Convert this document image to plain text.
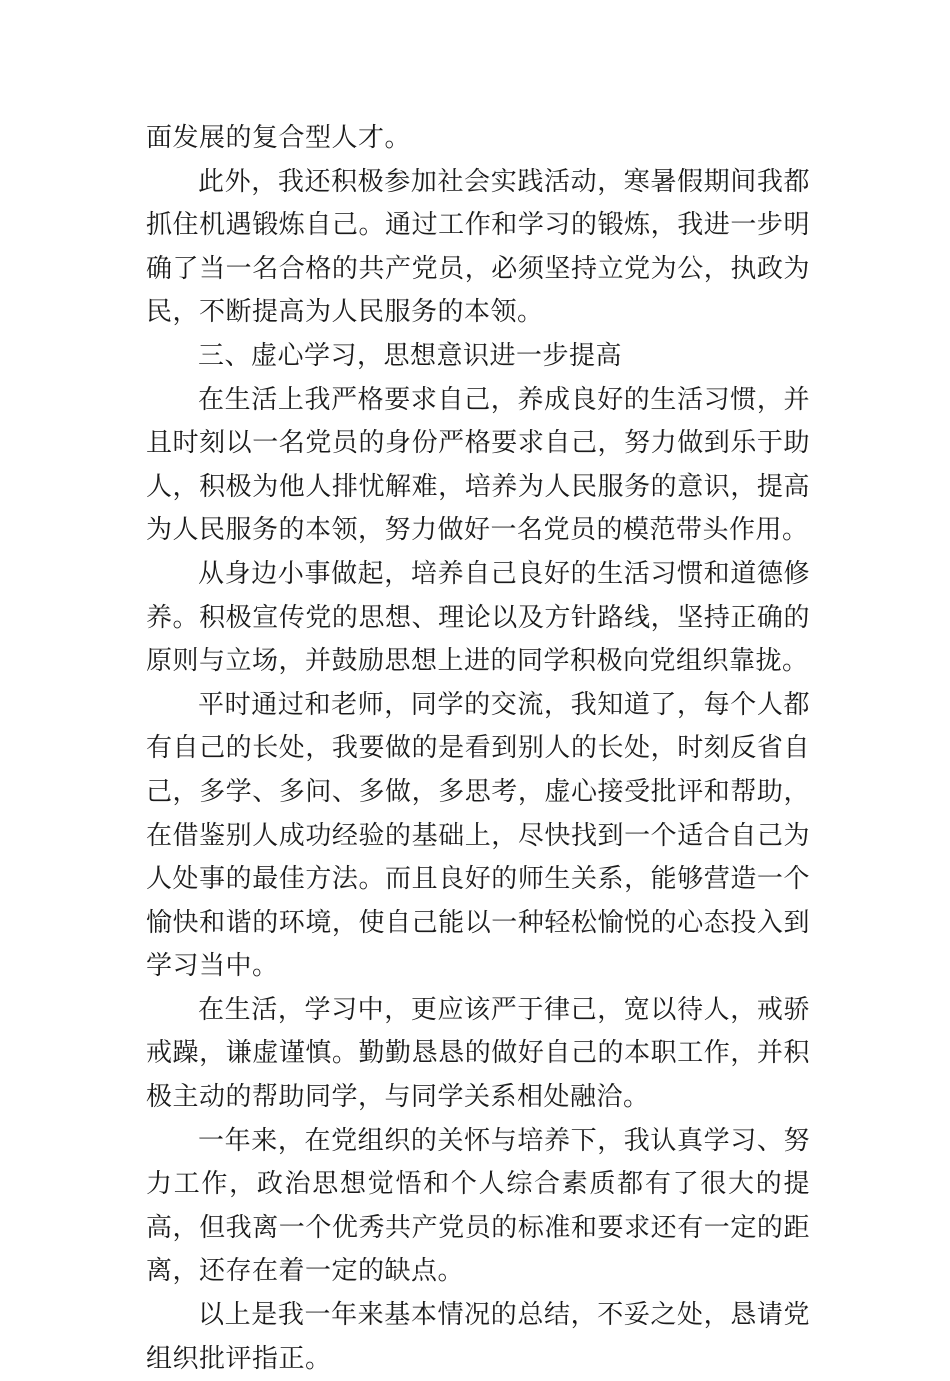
面发展的复合型人才。

此外，我还积极参加社会实践活动，寒暑假期间我都抓住机遇锻炼自己。通过工作和学习的锻炼，我进一步明确了当一名合格的共产党员，必须坚持立党为公，执政为民，不断提高为人民服务的本领。

三、虚心学习，思想意识进一步提高

在生活上我严格要求自己，养成良好的生活习惯，并且时刻以一名党员的身份严格要求自己，努力做到乐于助人，积极为他人排忧解难，培养为人民服务的意识，提高为人民服务的本领，努力做好一名党员的模范带头作用。

从身边小事做起，培养自己良好的生活习惯和道德修养。积极宣传党的思想、理论以及方针路线，坚持正确的原则与立场，并鼓励思想上进的同学积极向党组织靠拢。

平时通过和老师，同学的交流，我知道了，每个人都有自己的长处，我要做的是看到别人的长处，时刻反省自己，多学、多问、多做，多思考，虚心接受批评和帮助，在借鉴别人成功经验的基础上，尽快找到一个适合自己为人处事的最佳方法。而且良好的师生关系，能够营造一个愉快和谐的环境，使自己能以一种轻松愉悦的心态投入到学习当中。

在生活，学习中，更应该严于律己，宽以待人，戒骄戒躁，谦虚谨慎。勤勤恳恳的做好自己的本职工作，并积极主动的帮助同学，与同学关系相处融洽。

一年来，在党组织的关怀与培养下，我认真学习、努力工作，政治思想觉悟和个人综合素质都有了很大的提高，但我离一个优秀共产党员的标准和要求还有一定的距离，还存在着一定的缺点。

以上是我一年来基本情况的总结，不妥之处，恳请党组织批评指正。
